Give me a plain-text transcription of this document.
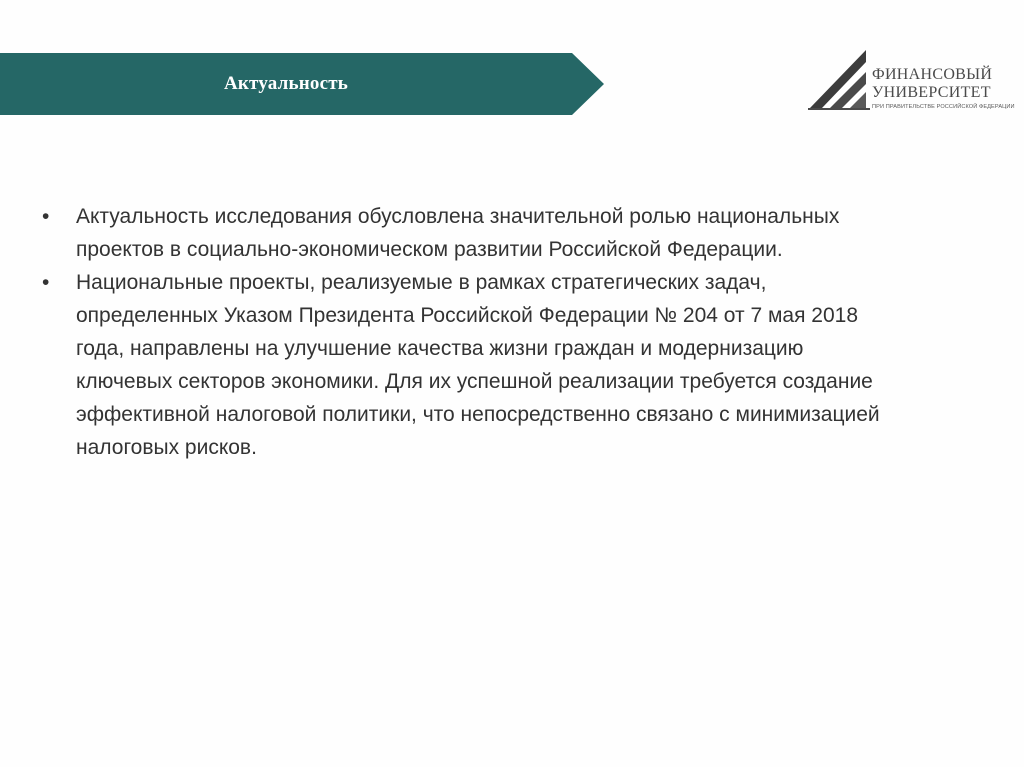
Актуальность	ФИНАНСОВЫЙ
УНИВЕРСИТЕТ
ПРИ ПРАВИТЕЛЬСТВЕ РОССИЙСКОЙ ФЕДЕРАЦИИ

• Актуальность исследования обусловлена значительной ролью национальных проектов в социально-экономическом развитии Российской Федерации.

• Национальные проекты, реализуемые в рамках стратегических задач, определенных Указом Президента Российской Федерации № 204 от 7 мая 2018 года, направлены на улучшение качества жизни граждан и модернизацию ключевых секторов экономики. Для их успешной реализации требуется создание эффективной налоговой политики, что непосредственно связано с минимизацией налоговых рисков.
